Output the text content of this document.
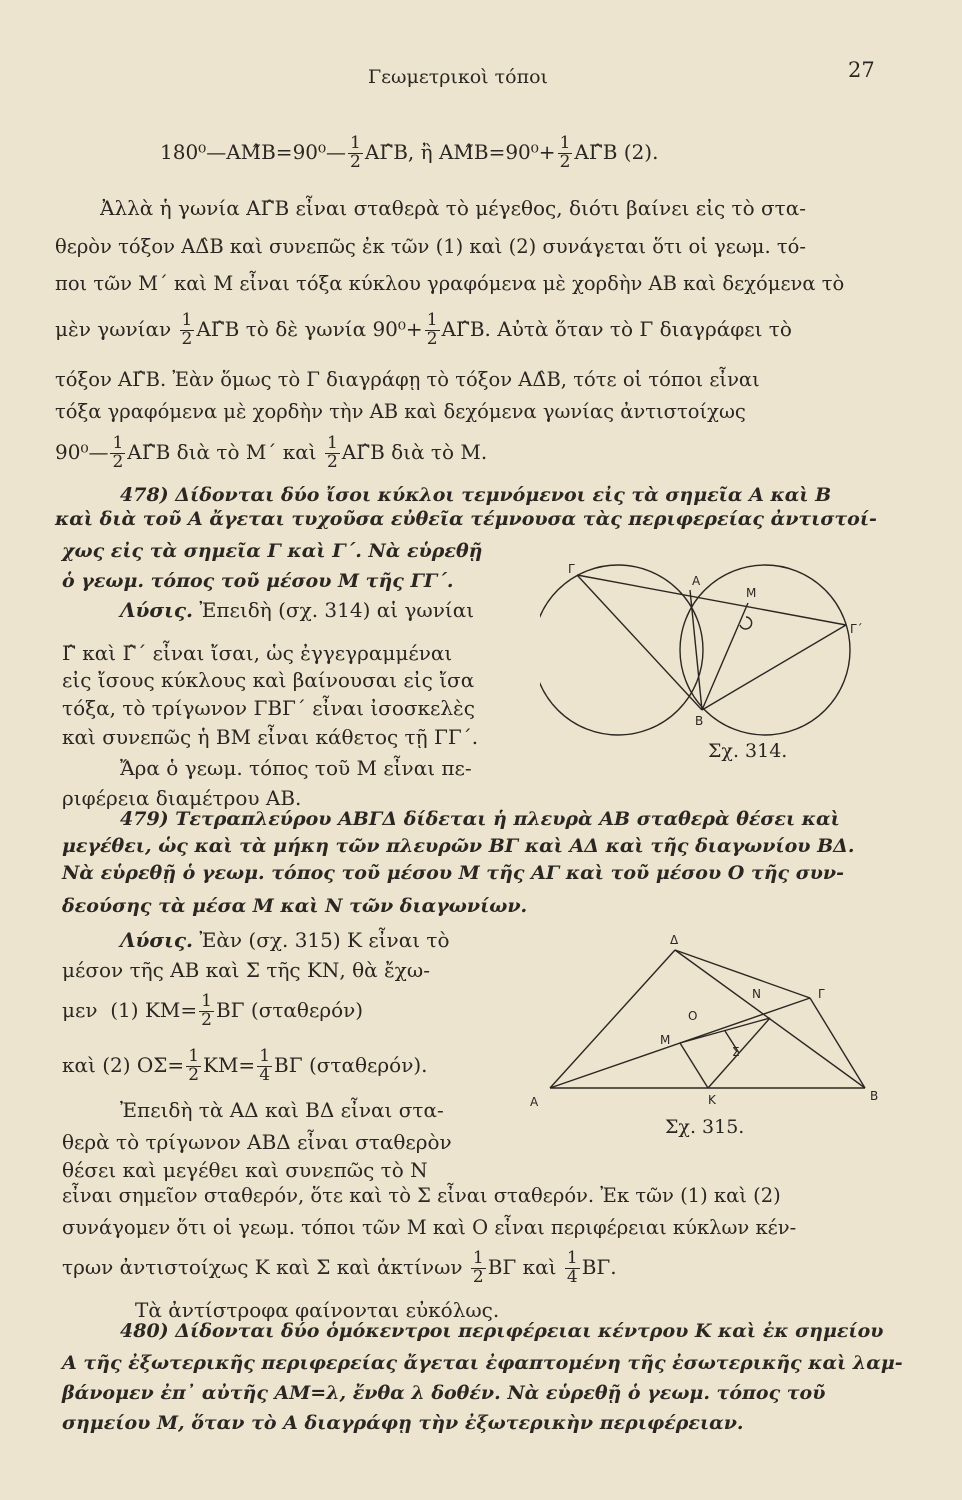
Γεωμετρικοὶ τόποι	27
180⁰—ΑΜ̂Β=90⁰— $\frac{1}{2}$ ΑΓ̂Β, ἢ ΑΜ̂Β=90⁰+ $\frac{1}{2}$ ΑΓ̂Β (2).
Ἀλλὰ ἡ γωνία ΑΓ̂Β εἶναι σταθερὰ τὸ μέγεθος, διότι βαίνει εἰς τὸ στα-
θερὸν τόξον ΑΔ̂Β καὶ συνεπῶς ἐκ τῶν (1) καὶ (2) συνάγεται ὅτι οἱ γεωμ. τό-
ποι τῶν Μ΄ καὶ Μ εἶναι τόξα κύκλου γραφόμενα μὲ χορδὴν ΑΒ καὶ δεχόμενα τὸ
μὲν γωνίαν $\frac{1}{2}$ ΑΓ̂Β τὸ δὲ γωνία $90^0+ \frac{1}{2}$ ΑΓ̂Β. Αὐτὰ ὅταν τὸ Γ διαγράφει τὸ
τόξον ΑΓ̂Β. Ἐὰν ὅμως τὸ Γ διαγράφῃ τὸ τόξον ΑΔ̂Β, τότε οἱ τόποι εἶναι
τόξα γραφόμενα μὲ χορδὴν τὴν ΑΒ καὶ δεχόμενα γωνίας ἀντιστοίχως
90⁰— $\frac{1}{2}$ ΑΓ̂Β διὰ τὸ Μ΄ καὶ $\frac{1}{2}$ ΑΓ̂Β διὰ τὸ Μ.
478) Δίδονται δύο ἴσοι κύκλοι τεμνόμενοι εἰς τὰ σημεῖα Α καὶ Β
καὶ διὰ τοῦ Α ἄγεται τυχοῦσα εὐθεῖα τέμνουσα τὰς περιφερείας ἀντιστοί-
χως εἰς τὰ σημεῖα Γ καὶ Γ΄. Νὰ εὑρεθῇ
ὁ γεωμ. τόπος τοῦ μέσου Μ τῆς ΓΓ΄.
Λύσις. Ἐπειδὴ (σχ. 314) αἱ γωνίαι
Γ̂ καὶ Γ̂΄ εἶναι ἴσαι, ὡς ἐγγεγραμμέναι
εἰς ἴσους κύκλους καὶ βαίνουσαι εἰς ἴσα
τόξα, τὸ τρίγωνον ΓΒΓ΄ εἶναι ἰσοσκελὲς
καὶ συνεπῶς ἡ ΒΜ εἶναι κάθετος τῇ ΓΓ΄.
Ἄρα ὁ γεωμ. τόπος τοῦ Μ εἶναι πε-
ριφέρεια διαμέτρου ΑΒ.
Γ
Α
Μ
Γ΄
Β
Σχ. 314.
479) Τετραπλεύρου ΑΒΓΔ δίδεται ἡ πλευρὰ ΑΒ σταθερὰ θέσει καὶ
μεγέθει, ὡς καὶ τὰ μήκη τῶν πλευρῶν ΒΓ καὶ ΑΔ καὶ τῆς διαγωνίου ΒΔ.
Νὰ εὑρεθῇ ὁ γεωμ. τόπος τοῦ μέσου Μ τῆς ΑΓ καὶ τοῦ μέσου Ο τῆς συν-
δεούσης τὰ μέσα Μ καὶ Ν τῶν διαγωνίων.
Λύσις. Ἐὰν (σχ. 315) Κ εἶναι τὸ
μέσον τῆς ΑΒ καὶ Σ τῆς ΚΝ, θὰ ἔχω-
μεν (1) $KM= \frac{1}{2}$ ΒΓ (σταθερόν)
καὶ (2) $O\Sigma= \frac{1}{2} KM= \frac{1}{4}$ ΒΓ (σταθερόν).
Ἐπειδὴ τὰ ΑΔ καὶ ΒΔ εἶναι στα-
θερὰ τὸ τρίγωνον ΑΒΔ εἶναι σταθερὸν
θέσει καὶ μεγέθει καὶ συνεπῶς τὸ Ν
εἶναι σημεῖον σταθερόν, ὅτε καὶ τὸ Σ εἶναι σταθερόν. Ἐκ τῶν (1) καὶ (2)
συνάγομεν ὅτι οἱ γεωμ. τόποι τῶν Μ καὶ Ο εἶναι περιφέρειαι κύκλων κέν-
τρων ἀντιστοίχως Κ καὶ Σ καὶ ἀκτίνων $\frac{1}{2}$ ΒΓ καὶ $\frac{1}{4} B\Gamma$.
Τὰ ἀντίστροφα φαίνονται εὐκόλως.
Δ
Ν	Γ
Ο
Μ
Σ
Α	Κ	Β
Σχ. 315.
480) Δίδονται δύο ὁμόκεντροι περιφέρειαι κέντρου Κ καὶ ἐκ σημείου
Α τῆς ἐξωτερικῆς περιφερείας ἄγεται ἐφαπτομένη τῆς ἐσωτερικῆς καὶ λαμ-
βάνομεν ἐπ᾽ αὐτῆς ΑΜ=λ, ἔνθα λ δοθέν. Νὰ εὑρεθῇ ὁ γεωμ. τόπος τοῦ
σημείου Μ, ὅταν τὸ Α διαγράφῃ τὴν ἐξωτερικὴν περιφέρειαν.
